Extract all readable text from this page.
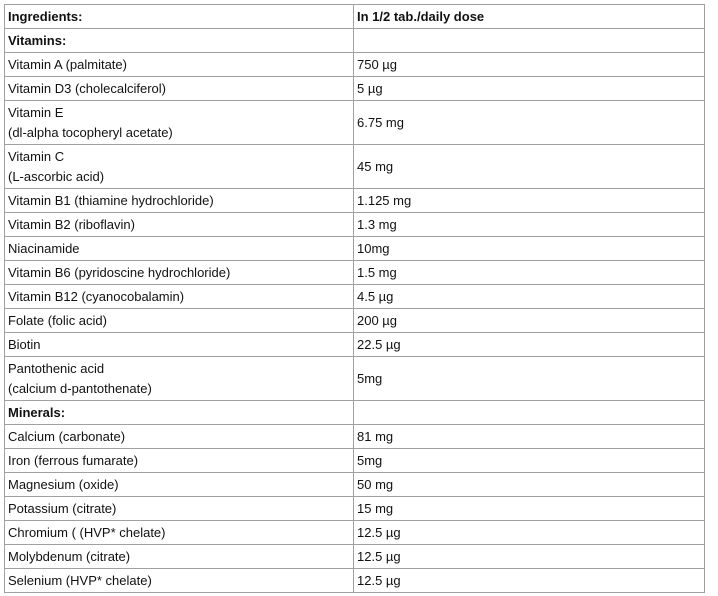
Ingredients:	In 1/2 tab./daily dose
Vitamins:	
Vitamin A (palmitate)	750 µg
Vitamin D3 (cholecalciferol)	5 µg

Vitamin E
(dl-alpha tocopheryl acetate)	6.75 mg

Vitamin C
(L-ascorbic acid)	45 mg
Vitamin B1 (thiamine hydrochloride)	1.125 mg
Vitamin B2 (riboflavin)	1.3 mg
Niacinamide	10mg
Vitamin B6 (pyridoscine hydrochloride)	1.5 mg
Vitamin B12 (cyanocobalamin)	4.5 µg
Folate (folic acid)	200 µg
Biotin	22.5 µg

Pantothenic acid
(calcium d-pantothenate)	5mg
Minerals:	
Calcium (carbonate)	81 mg
Iron (ferrous fumarate)	5mg
Magnesium (oxide)	50 mg
Potassium (citrate)	15 mg
Chromium ( (HVP* chelate)	12.5 µg
Molybdenum (citrate)	12.5 µg
Selenium (HVP* chelate)	12.5 µg
